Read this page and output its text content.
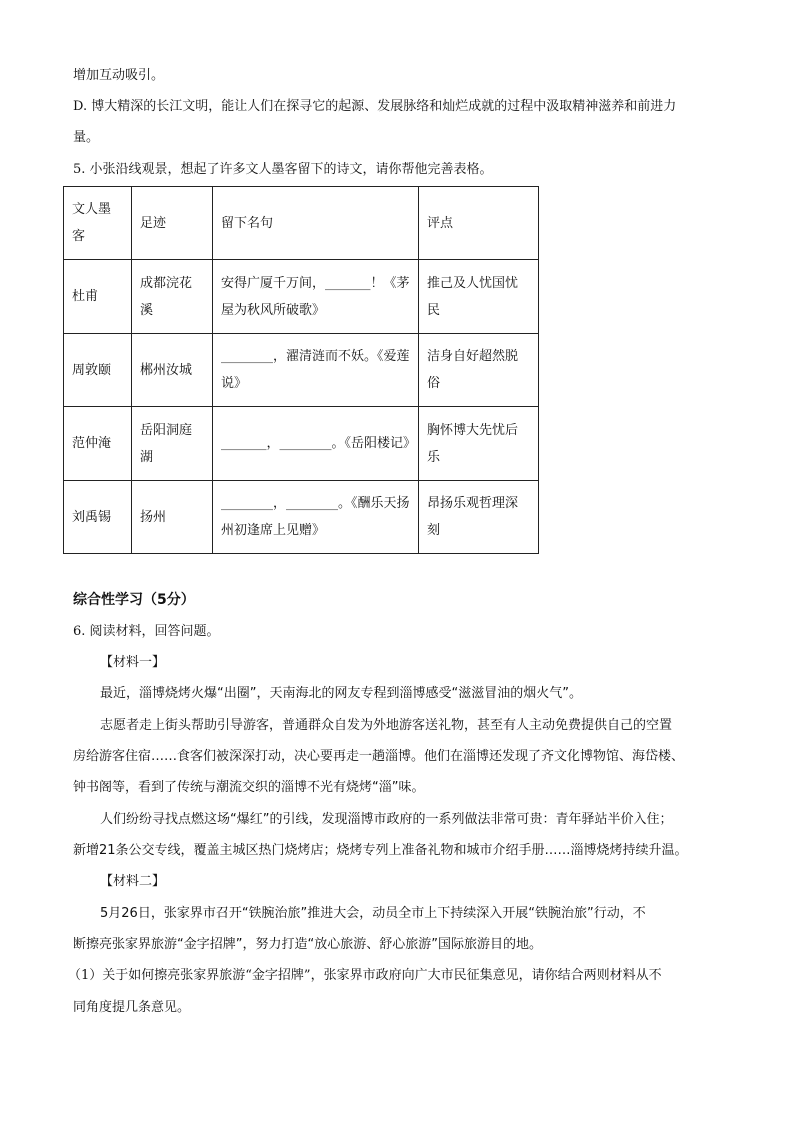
增加互动吸引。

D. 博大精深的长江文明，能让人们在探寻它的起源、发展脉络和灿烂成就的过程中汲取精神滋养和前进力

量。

5. 小张沿线观景，想起了许多文人墨客留下的诗文，请你帮他完善表格。

文人墨客	足迹	留下名句	评点
杜甫	成都浣花溪	安得广厦千万间，_______！《茅屋为秋风所破歌》	推己及人忧国忧民
周敦颐	郴州汝城	________，濯清涟而不妖。《爱莲说》	洁身自好超然脱俗
范仲淹	岳阳洞庭湖	_______，________。《岳阳楼记》	胸怀博大先忧后乐
刘禹锡	扬州	________，________。《酬乐天扬州初逢席上见赠》	昂扬乐观哲理深刻

综合性学习（5分）

6. 阅读材料，回答问题。

【材料一】

最近，淄博烧烤火爆“出圈”，天南海北的网友专程到淄博感受“滋滋冒油的烟火气”。

志愿者走上街头帮助引导游客，普通群众自发为外地游客送礼物，甚至有人主动免费提供自己的空置

房给游客住宿……食客们被深深打动，决心要再走一趟淄博。他们在淄博还发现了齐文化博物馆、海岱楼、

钟书阁等，看到了传统与潮流交织的淄博不光有烧烤“淄”味。

人们纷纷寻找点燃这场“爆红”的引线，发现淄博市政府的一系列做法非常可贵：青年驿站半价入住；

新增21条公交专线，覆盖主城区热门烧烤店；烧烤专列上准备礼物和城市介绍手册……淄博烧烤持续升温。

【材料二】

5月26日，张家界市召开“铁腕治旅”推进大会，动员全市上下持续深入开展“铁腕治旅”行动，不

断擦亮张家界旅游“金字招牌”，努力打造“放心旅游、舒心旅游”国际旅游目的地。

（1）关于如何擦亮张家界旅游“金字招牌”，张家界市政府向广大市民征集意见，请你结合两则材料从不

同角度提几条意见。
